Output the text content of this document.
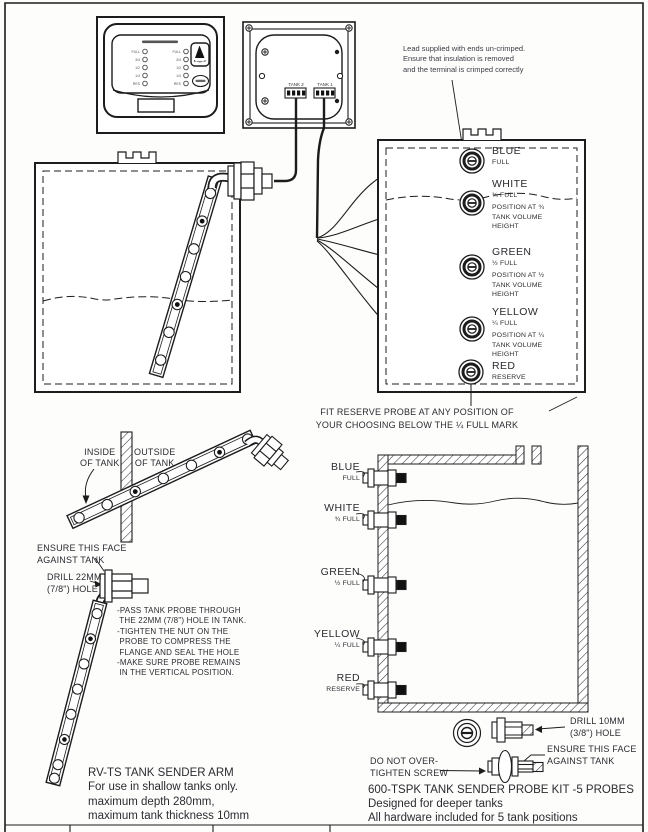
FULL
3/4
1/2
1/4
RES
FULL
3/4
1/2
1/4
RES	TANK 2	TANK 1
Lead supplied with ends un-crimped.
Ensure that insulation is removed
and the terminal is crimped correctly
BLUE
FULL
WHITE
¾ FULL
POSITION AT ¾
TANK VOLUME
HEIGHT
GREEN
½ FULL
POSITION AT ½
TANK VOLUME
HEIGHT
YELLOW
¼ FULL
POSITION AT ¼
TANK VOLUME
HEIGHT
RED
RESERVE
FIT RESERVE PROBE AT ANY POSITION OF
YOUR CHOOSING BELOW THE ¼ FULL MARK
INSIDE
OF TANK
OUTSIDE
OF TANK
ENSURE THIS FACE
AGAINST TANK
DRILL 22MM
(7/8") HOLE
-PASS TANK PROBE THROUGH
THE 22MM (7/8") HOLE IN TANK.
-TIGHTEN THE NUT ON THE
PROBE TO COMPRESS THE
FLANGE AND SEAL THE HOLE
-MAKE SURE PROBE REMAINS
IN THE VERTICAL POSITION.
RV-TS TANK SENDER ARM
For use in shallow tanks only.
maximum depth 280mm,
maximum tank thickness 10mm
BLUE
FULL
WHITE
¾ FULL
GREEN
½ FULL
YELLOW
¼ FULL
RED
RESERVE
DRILL 10MM
(3/8") HOLE
ENSURE THIS FACE
AGAINST TANK
DO NOT OVER-
TIGHTEN SCREW
600-TSPK TANK SENDER PROBE KIT -5 PROBES
Designed for deeper tanks
All hardware included for 5 tank positions
